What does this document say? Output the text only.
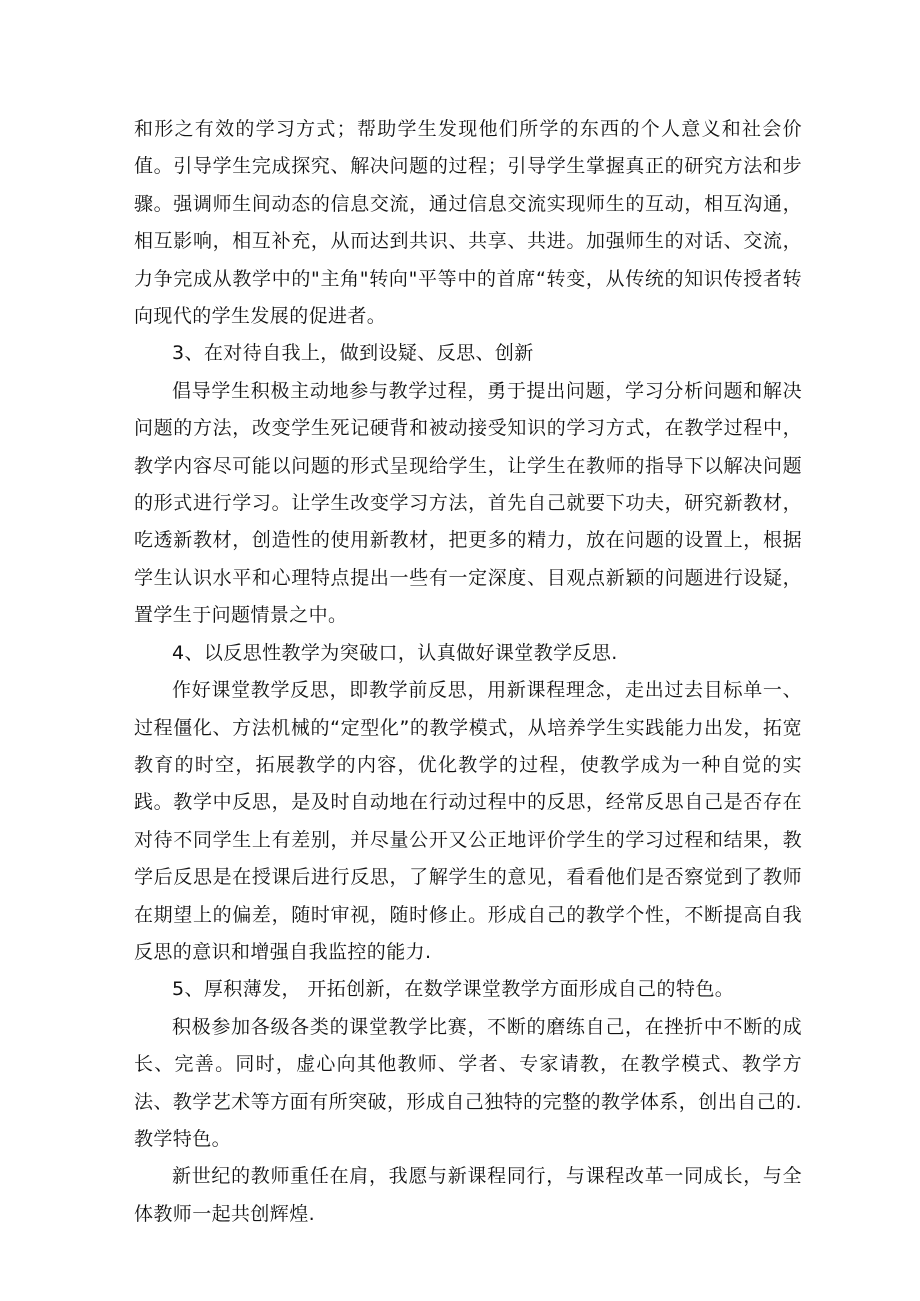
和形之有效的学习方式；帮助学生发现他们所学的东西的个人意义和社会价值。引导学生完成探究、解决问题的过程；引导学生掌握真正的研究方法和步骤。强调师生间动态的信息交流，通过信息交流实现师生的互动，相互沟通，相互影响，相互补充，从而达到共识、共享、共进。加强师生的对话、交流，力争完成从教学中的"主角"转向"平等中的首席“转变，从传统的知识传授者转向现代的学生发展的促进者。

3、在对待自我上，做到设疑、反思、创新

倡导学生积极主动地参与教学过程，勇于提出问题，学习分析问题和解决问题的方法，改变学生死记硬背和被动接受知识的学习方式，在教学过程中，教学内容尽可能以问题的形式呈现给学生，让学生在教师的指导下以解决问题的形式进行学习。让学生改变学习方法，首先自己就要下功夫，研究新教材，吃透新教材，创造性的使用新教材，把更多的精力，放在问题的设置上，根据学生认识水平和心理特点提出一些有一定深度、目观点新颖的问题进行设疑，置学生于问题情景之中。

4、以反思性教学为突破口，认真做好课堂教学反思.

作好课堂教学反思，即教学前反思，用新课程理念，走出过去目标单一、过程僵化、方法机械的“定型化”的教学模式，从培养学生实践能力出发，拓宽教育的时空，拓展教学的内容，优化教学的过程，使教学成为一种自觉的实践。教学中反思，是及时自动地在行动过程中的反思，经常反思自己是否存在对待不同学生上有差别，并尽量公开又公正地评价学生的学习过程和结果，教学后反思是在授课后进行反思，了解学生的意见，看看他们是否察觉到了教师在期望上的偏差，随时审视，随时修止。形成自己的教学个性，不断提高自我反思的意识和增强自我监控的能力.

5、厚积薄发， 开拓创新，在数学课堂教学方面形成自己的特色。

积极参加各级各类的课堂教学比赛，不断的磨练自己，在挫折中不断的成长、完善。同时，虚心向其他教师、学者、专家请教，在教学模式、教学方法、教学艺术等方面有所突破，形成自己独特的完整的教学体系，创出自己的.教学特色。

新世纪的教师重任在肩，我愿与新课程同行，与课程改革一同成长，与全体教师一起共创辉煌.
